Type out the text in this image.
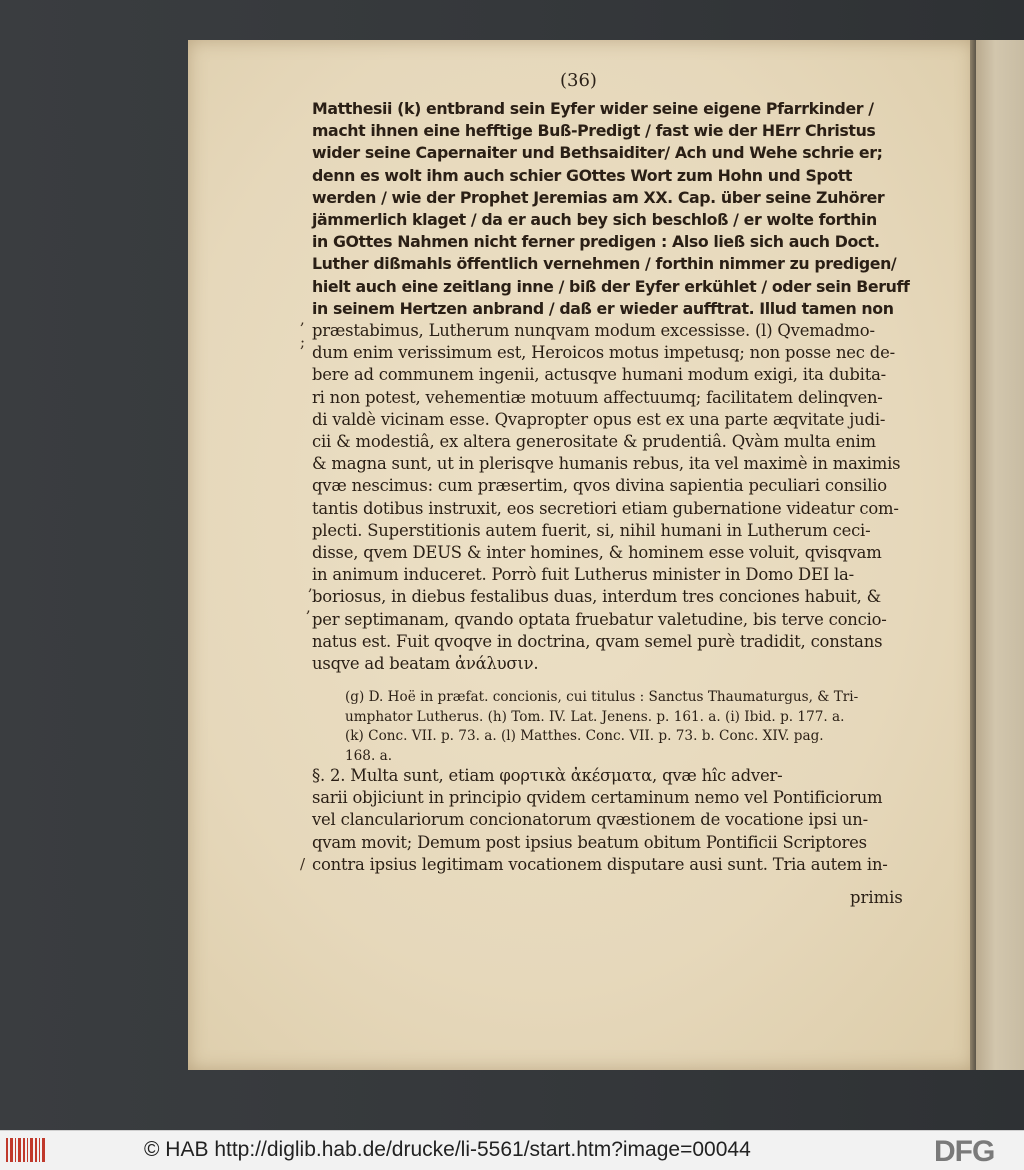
(36)
Matthesii (k) entbrand sein Eyfer wider seine eigene Pfarrkinder /
macht ihnen eine hefftige Buß-Predigt / fast wie der HErr Christus
wider seine Capernaiter und Bethsaiditer/ Ach und Wehe schrie er;
denn es wolt ihm auch schier GOttes Wort zum Hohn und Spott
werden / wie der Prophet Jeremias am XX. Cap. über seine Zuhörer
jämmerlich klaget / da er auch bey sich beschloß / er wolte forthin
in GOttes Nahmen nicht ferner predigen : Also ließ sich auch Doct.
Luther dißmahls öffentlich vernehmen / forthin nimmer zu predigen/
hielt auch eine zeitlang inne / biß der Eyfer erkühlet / oder sein Beruff
in seinem Hertzen anbrand / daß er wieder aufftrat. Illud tamen non
præstabimus, Lutherum nunqvam modum excessisse. (l) Qvemadmo-
dum enim verissimum est, Heroicos motus impetusq; non posse nec de-
bere ad communem ingenii, actusqve humani modum exigi, ita dubita-
ri non potest, vehementiæ motuum affectuumq; facilitatem delinqven-
di valdè vicinam esse. Qvapropter opus est ex una parte æqvitate judi-
cii & modestiâ, ex altera generositate & prudentiâ. Qvàm multa enim
& magna sunt, ut in plerisqve humanis rebus, ita vel maximè in maximis
qvæ nescimus: cum præsertim, qvos divina sapientia peculiari consilio
tantis dotibus instruxit, eos secretiori etiam gubernatione videatur com-
plecti. Superstitionis autem fuerit, si, nihil humani in Lutherum ceci-
disse, qvem DEUS & inter homines, & hominem esse voluit, qvisqvam
in animum induceret. Porrò fuit Lutherus minister in Domo DEI la-
boriosus, in diebus festalibus duas, interdum tres conciones habuit, &
per septimanam, qvando optata fruebatur valetudine, bis terve concio-
natus est. Fuit qvoqve in doctrina, qvam semel purè tradidit, constans
usqve ad beatam ἀνάλυσιν.
,
;
,
,
/
(g) D. Hoë in præfat. concionis, cui titulus : Sanctus Thaumaturgus, & Tri-
umphator Lutherus. (h) Tom. IV. Lat. Jenens. p. 161. a. (i) Ibid. p. 177. a.
(k) Conc. VII. p. 73. a. (l) Matthes. Conc. VII. p. 73. b. Conc. XIV. pag.
168. a.
§. 2. Multa sunt, etiam φορτικὰ ἀκέσματα, qvæ hîc adver-
sarii objiciunt in principio qvidem certaminum nemo vel Pontificiorum
vel clanculariorum concionatorum qvæstionem de vocatione ipsi un-
qvam movit; Demum post ipsius beatum obitum Pontificii Scriptores
contra ipsius legitimam vocationem disputare ausi sunt. Tria autem in-
primis
© HAB http://diglib.hab.de/drucke/li-5561/start.htm?image=00044	DFG
